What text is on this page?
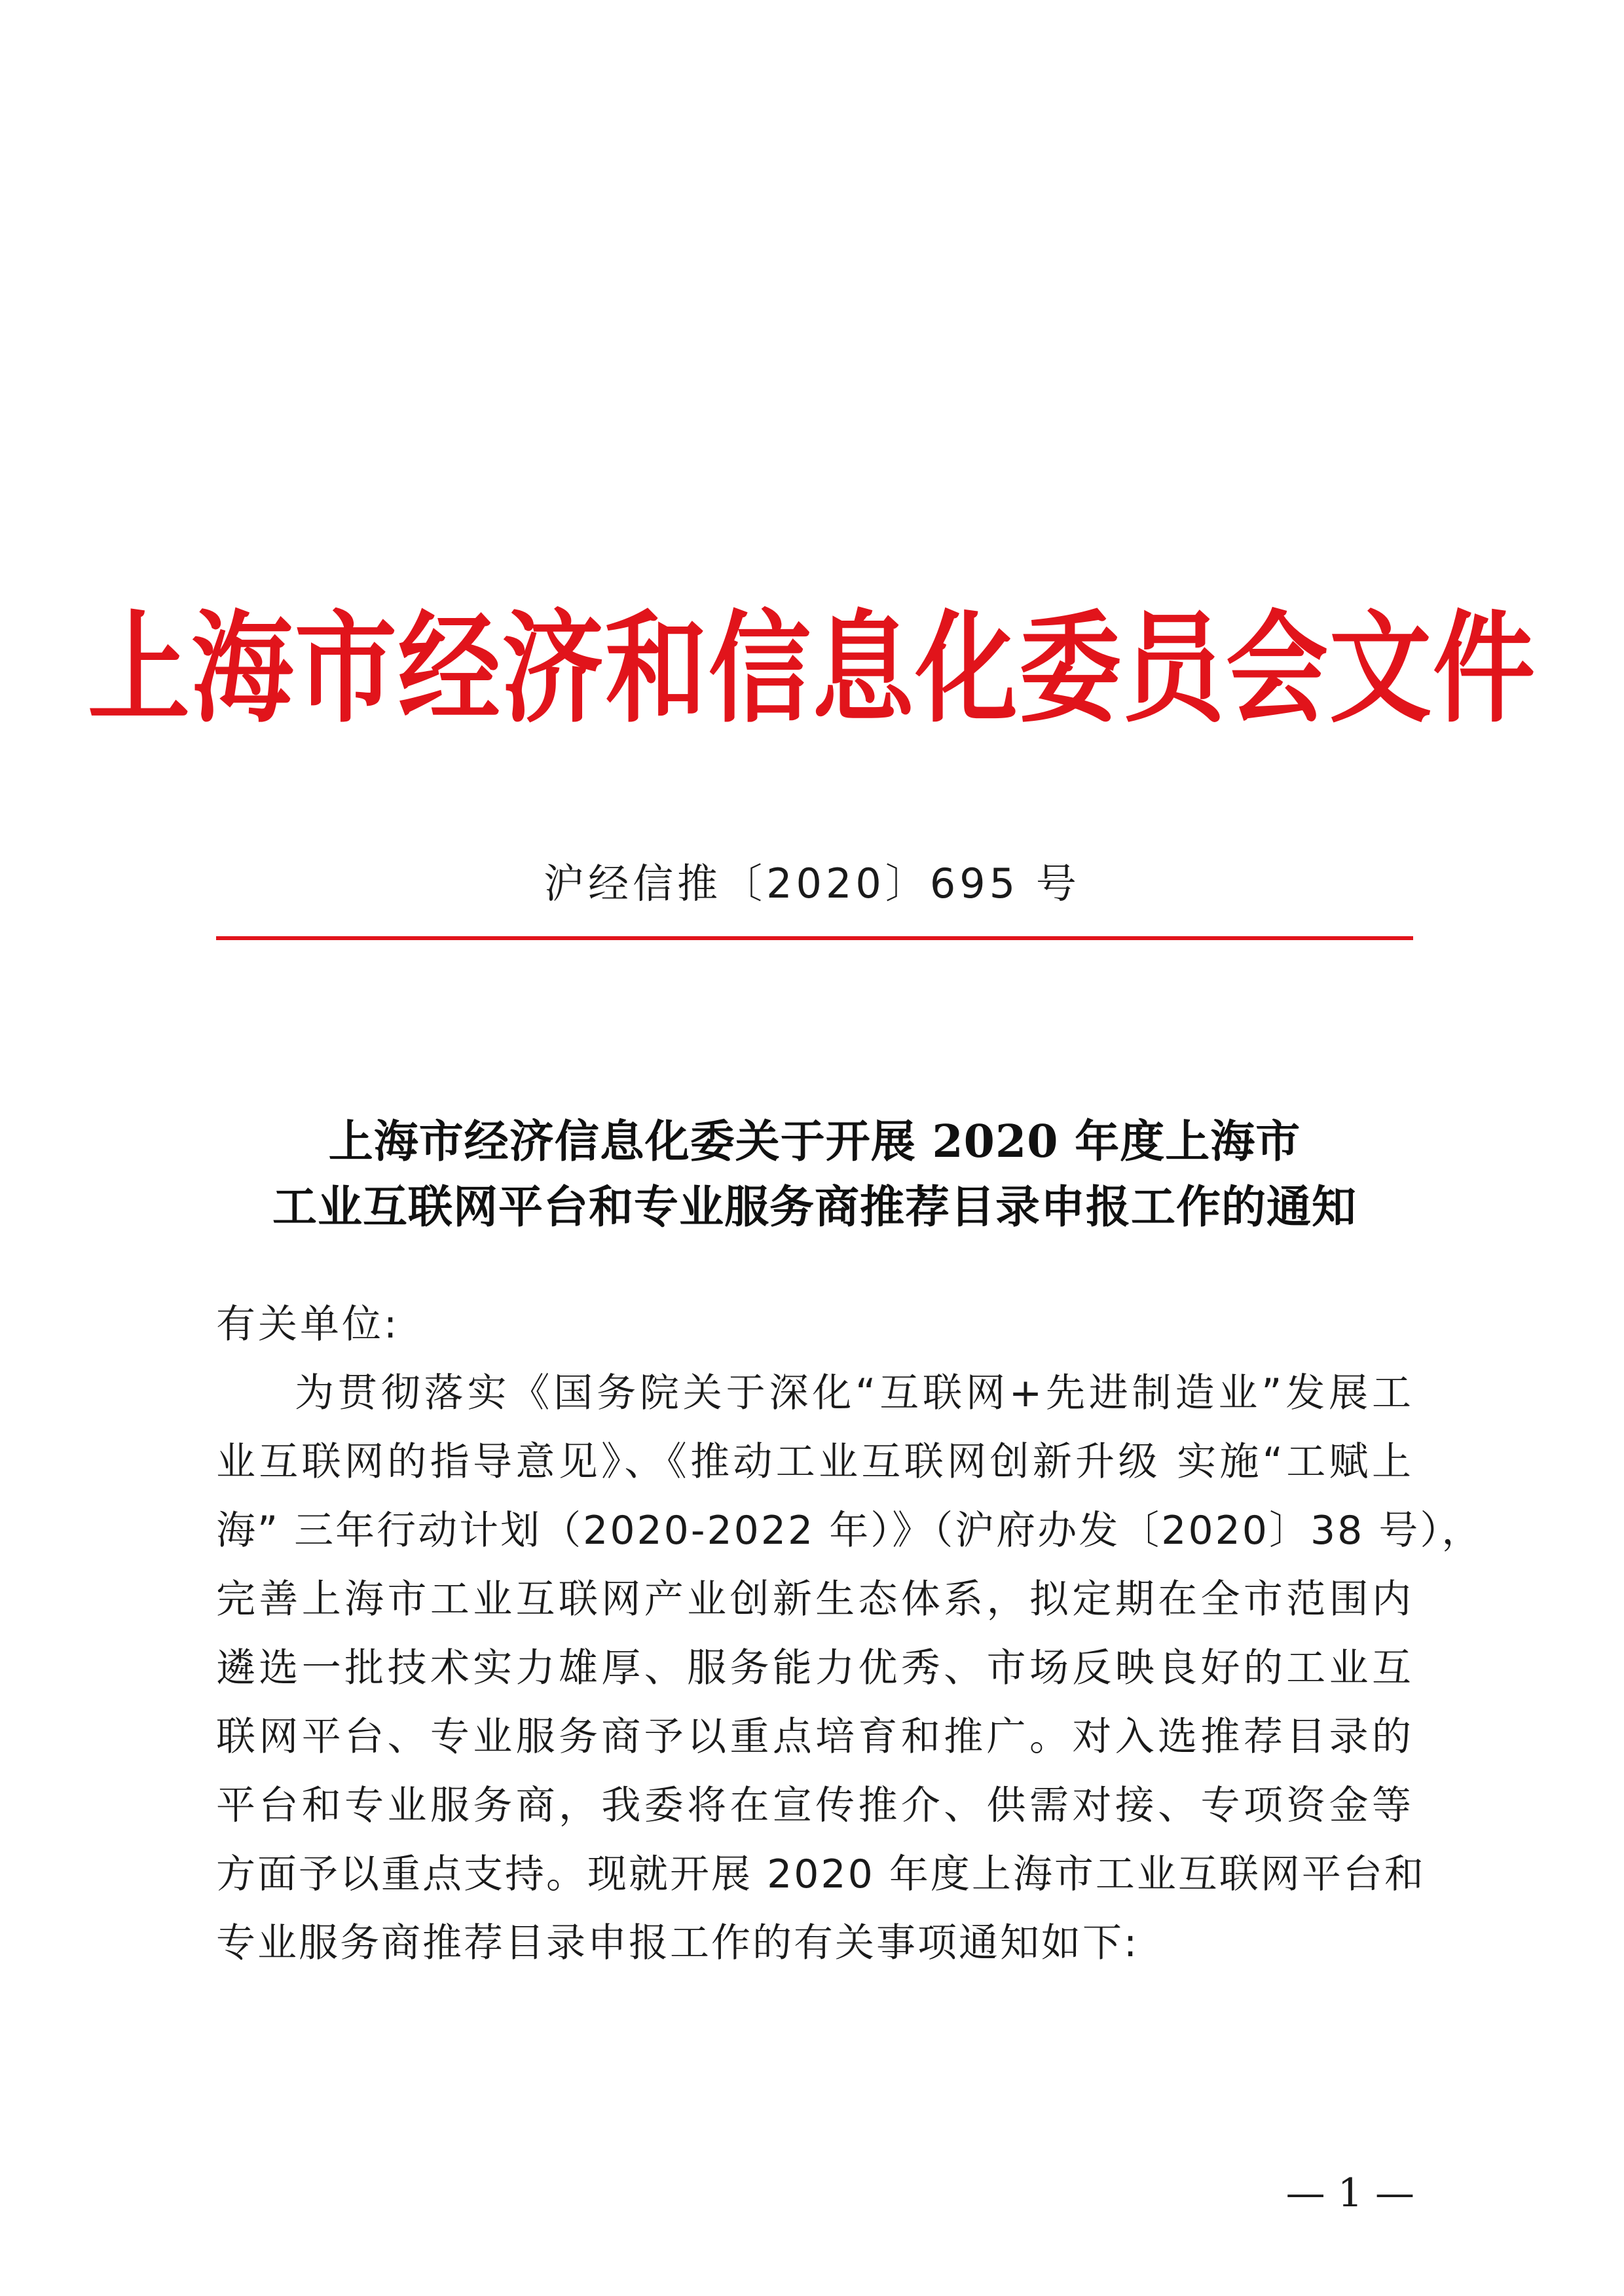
上海市经济和信息化委员会文件
沪经信推〔2020〕695 号
上海市经济信息化委关于开展 2020 年度上海市
工业互联网平台和专业服务商推荐目录申报工作的通知
有关单位:
为贯彻落实《国务院关于深化“互联网+先进制造业”发展工
业互联网的指导意见》、《推动工业互联网创新升级 实施“工赋上
海” 三年行动计划（2020-2022 年）》（沪府办发〔2020〕38 号），
完善上海市工业互联网产业创新生态体系，拟定期在全市范围内
遴选一批技术实力雄厚、服务能力优秀、市场反映良好的工业互
联网平台、专业服务商予以重点培育和推广。对入选推荐目录的
平台和专业服务商，我委将在宣传推介、供需对接、专项资金等
方面予以重点支持。现就开展 2020 年度上海市工业互联网平台和
专业服务商推荐目录申报工作的有关事项通知如下:
— 1 —
